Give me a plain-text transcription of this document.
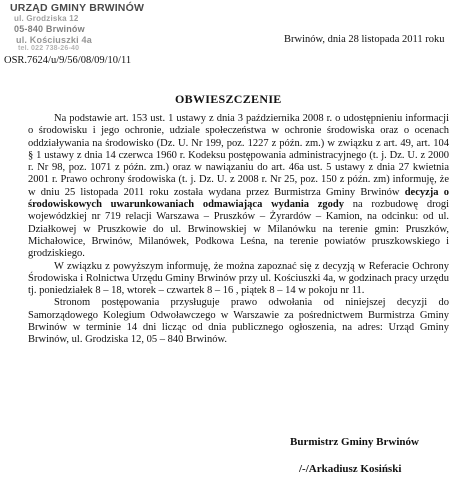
URZĄD GMINY BRWINÓW
ul. Grodziska 12
05-840 Brwinów
ul. Kościuszki 4a
tel. 022 738-26-40
OSR.7624/u/9/56/08/09/10/11
Brwinów, dnia 28 listopada 2011 roku
OBWIESZCZENIE

Na podstawie art. 153 ust. 1 ustawy z dnia 3 października 2008 r. o udostępnieniu informacji o środowisku i jego ochronie, udziale społeczeństwa w ochronie środowiska oraz o ocenach oddziaływania na środowisko (Dz. U. Nr 199, poz. 1227 z późn. zm.) w związku z art. 49, art. 104 § 1 ustawy z dnia 14 czerwca 1960 r. Kodeksu postępowania administracyjnego (t. j. Dz. U. z 2000 r. Nr 98, poz. 1071 z późn. zm.) oraz w nawiązaniu do art. 46a ust. 5 ustawy z dnia 27 kwietnia 2001 r. Prawo ochrony środowiska (t. j. Dz. U. z 2008 r. Nr 25, poz. 150 z późn. zm) informuję, że w dniu 25 listopada 2011 roku została wydana przez Burmistrza Gminy Brwinów decyzja o środowiskowych uwarunkowaniach odmawiająca wydania zgody na rozbudowę drogi wojewódzkiej nr 719 relacji Warszawa – Pruszków – Żyrardów – Kamion, na odcinku: od ul. Działkowej w Pruszkowie do ul. Brwinowskiej w Milanówku na terenie gmin: Pruszków, Michałowice, Brwinów, Milanówek, Podkowa Leśna, na terenie powiatów pruszkowskiego i grodziskiego.

W związku z powyższym informuję, że można zapoznać się z decyzją w Referacie Ochrony Środowiska i Rolnictwa Urzędu Gminy Brwinów przy ul. Kościuszki 4a, w godzinach pracy urzędu tj. poniedziałek 8 – 18, wtorek – czwartek 8 – 16 , piątek 8 – 14 w pokoju nr 11.

Stronom postępowania przysługuje prawo odwołania od niniejszej decyzji do Samorządowego Kolegium Odwoławczego w Warszawie za pośrednictwem Burmistrza Gminy Brwinów w terminie 14 dni licząc od dnia publicznego ogłoszenia, na adres: Urząd Gminy Brwinów, ul. Grodziska 12, 05 – 840 Brwinów.

Burmistrz Gminy Brwinów
/-/Arkadiusz Kosiński
